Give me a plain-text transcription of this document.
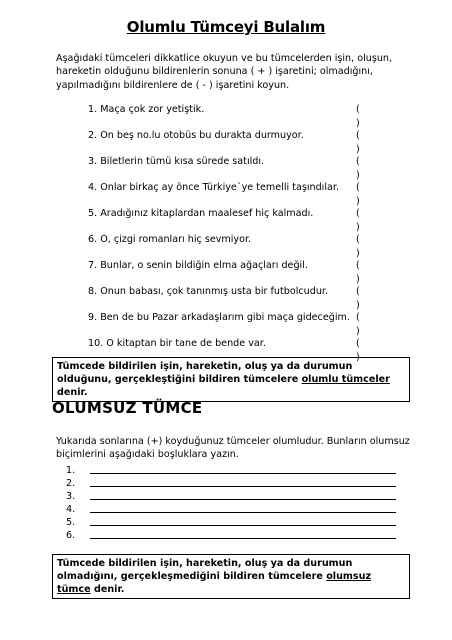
Olumlu Tümceyi Bulalım
Aşağıdaki tümceleri dikkatlice okuyun ve bu tümcelerden işin, oluşun, hareketin olduğunu bildirenlerin sonuna ( + ) işaretini; olmadığını, yapılmadığını bildirenlere de ( - ) işaretini koyun.
1. Maça çok zor yetiştik.	( )
2. On beş no.lu otobüs bu durakta durmuyor.	( )
3. Biletlerin tümü kısa sürede satıldı.	( )
4. Onlar birkaç ay önce Türkiye`ye temelli taşındılar. ( )
5. Aradığınız kitaplardan maalesef hiç kalmadı.	( )
6. O, çizgi romanları hiç sevmiyor.	( )
7. Bunlar, o senin bildiğin elma ağaçları değil.	( )
8. Onun babası, çok tanınmış usta bir futbolcudur.	( )
9. Ben de bu Pazar arkadaşlarım gibi maça gideceğim. ( )
10. O kitaptan bir tane de bende var.	( )
Tümcede bildirilen işin, hareketin, oluş ya da durumun olduğunu, gerçekleştiğini bildiren tümcelere olumlu tümceler denir.
OLUMSUZ TÜMCE
Yukarıda sonlarına (+) koyduğunuz tümceler olumludur. Bunların olumsuz biçimlerini aşağıdaki boşluklara yazın.
1.
2.
3.
4.
5.
6.
Tümcede bildirilen işin, hareketin, oluş ya da durumun olmadığını, gerçekleşmediğini bildiren tümcelere olumsuz tümce denir.
